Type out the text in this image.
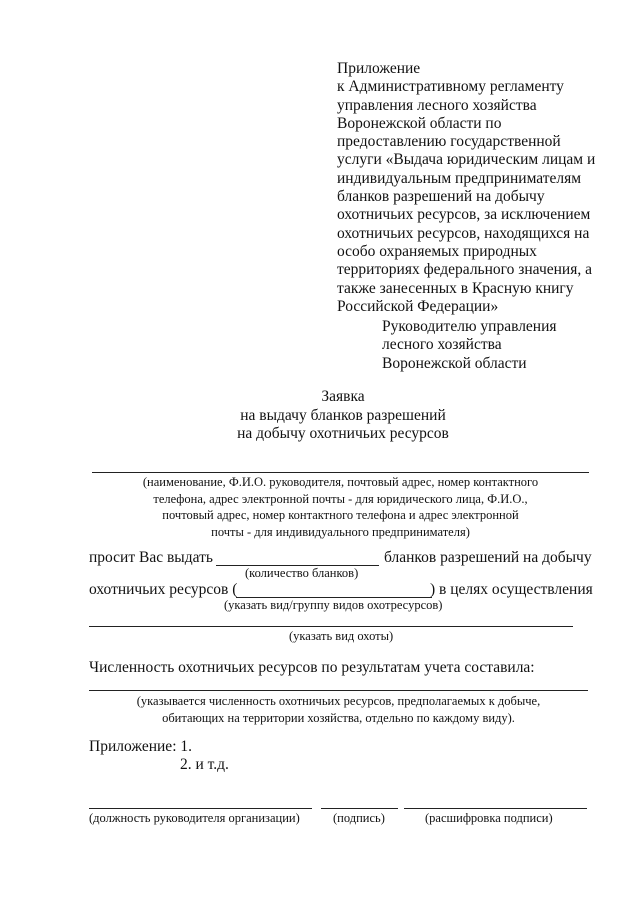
Приложение
к Административному регламенту
управления лесного хозяйства
Воронежской области по
предоставлению государственной
услуги «Выдача юридическим лицам и
индивидуальным предпринимателям
бланков разрешений на добычу
охотничьих ресурсов, за исключением
охотничьих ресурсов, находящихся на
особо охраняемых природных
территориях федерального значения, а
также занесенных в Красную книгу
Российской Федерации»
Руководителю управления
лесного хозяйства
Воронежской области
Заявка
на выдачу бланков разрешений
на добычу охотничьих ресурсов
(наименование, Ф.И.О. руководителя, почтовый адрес, номер контактного
телефона, адрес электронной почты - для юридического лица, Ф.И.О.,
почтовый адрес, номер контактного телефона и адрес электронной
почты - для индивидуального предпринимателя)
просит Вас выдать	бланков разрешений на добычу
(количество бланков)
охотничьих ресурсов (	) в целях осуществления
(указать вид/группу видов охотресурсов)
(указать вид охоты)
Численность охотничьих ресурсов по результатам учета составила:
(указывается численность охотничьих ресурсов, предполагаемых к добыче,
обитающих на территории хозяйства, отдельно по каждому виду).
Приложение: 1.
2. и т.д.
(должность руководителя организации)	(подпись)	(расшифровка подписи)
